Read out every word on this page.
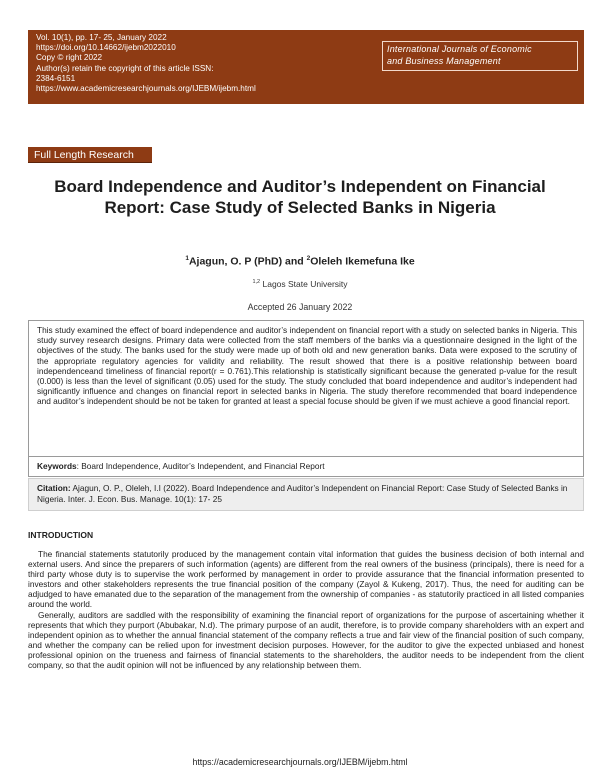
Vol. 10(1), pp. 17- 25, January 2022
https://doi.org/10.14662/ijebm2022010
Copy © right 2022
Author(s) retain the copyright of this article ISSN:
2384-6151
https://www.academicresearchjournals.org/IJEBM/ijebm.html
International Journals of Economic
and Business Management
Full Length Research
Board Independence and Auditor’s Independent on Financial Report: Case Study of Selected Banks in Nigeria
$^1$Ajagun, O. P (PhD) and $^2$Oleleh Ikemefuna Ike
$^{1,2}$ Lagos State University
Accepted 26 January 2022
This study examined the effect of board independence and auditor’s independent on financial report with a study on selected banks in Nigeria. This study survey research designs. Primary data were collected from the staff members of the banks via a questionnaire designed in the light of the objectives of the study. The banks used for the study were made up of both old and new generation banks. Data were exposed to the scrutiny of the appropriate regulatory agencies for validity and reliability. The result showed that there is a positive relationship between board independenceand timeliness of financial report(r = 0.761).This relationship is statistically significant because the generated p-value for the result (0.000) is less than the level of significant (0.05) used for the study. The study concluded that board independence and auditor’s independent had significantly influence and changes on financial report in selected banks in Nigeria. The study therefore recommended that board independence and auditor’s independent should be not be taken for granted at least a special focuse should be given if we must achieve a good financial report.
Keywords: Board Independence, Auditor’s Independent, and Financial Report
Citation: Ajagun, O. P., Oleleh, I.I (2022). Board Independence and Auditor’s Independent on Financial Report: Case Study of Selected Banks in Nigeria. Inter. J. Econ. Bus. Manage. 10(1): 17- 25
INTRODUCTION

The financial statements statutorily produced by the management contain vital information that guides the business decision of both internal and external users. And since the preparers of such information (agents) are different from the real owners of the business (principals), there is need for a third party whose duty is to supervise the work performed by management in order to provide assurance that the financial information presented to investors and other stakeholders represents the true financial position of the company (Zayol & Kukeng, 2017). Thus, the need for auditing can be adjudged to have emanated due to the separation of the management from the ownership of companies - as statutorily practiced in all listed companies around the world.

Generally, auditors are saddled with the responsibility of examining the financial report of organizations for the purpose of ascertaining whether it represents that which they purport (Abubakar, N.d). The primary purpose of an audit, therefore, is to provide company shareholders with an expert and independent opinion as to whether the annual financial statement of the company reflects a true and fair view of the financial position of such company, and whether the company can be relied upon for investment decision purposes. However, for the auditor to give the expected unbiased and honest professional opinion on the trueness and fairness of financial statements to the shareholders, the auditor needs to be independent from the client company, so that the audit opinion will not be influenced by any relationship between them.

https://academicresearchjournals.org/IJEBM/ijebm.html
